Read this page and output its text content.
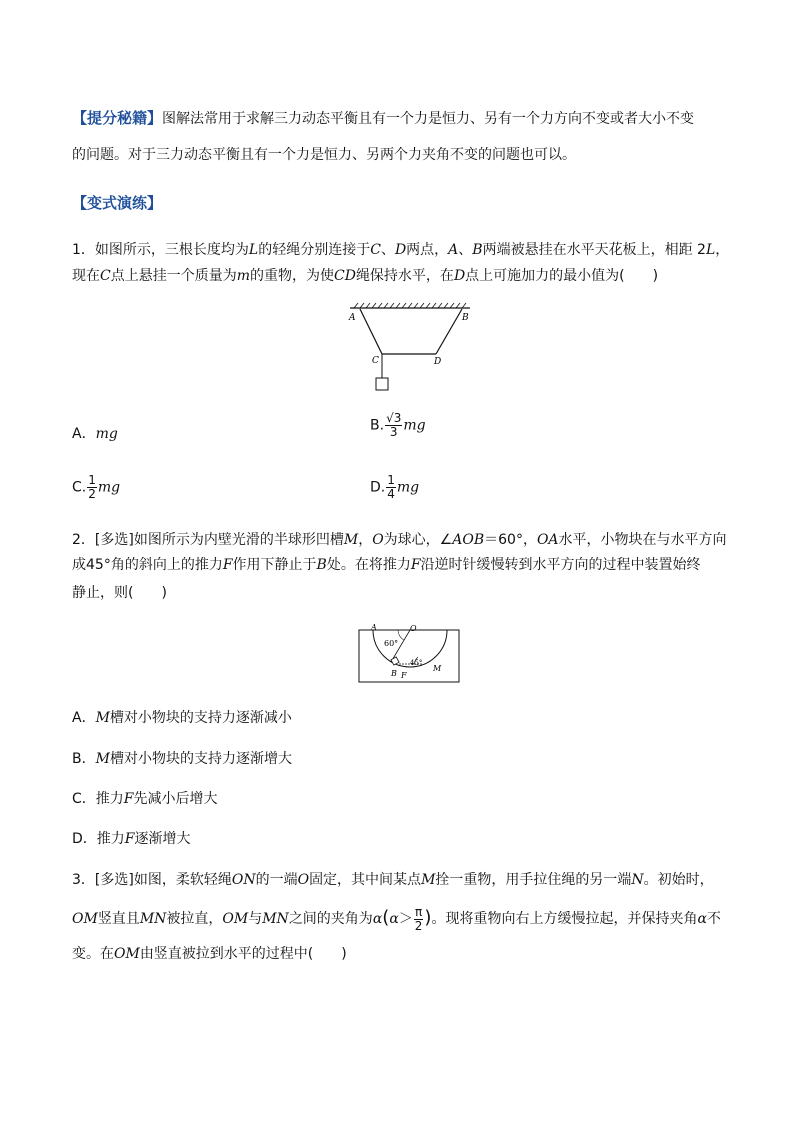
【提分秘籍】图解法常用于求解三力动态平衡且有一个力是恒力、另有一个力方向不变或者大小不变
的问题。对于三力动态平衡且有一个力是恒力、另两个力夹角不变的问题也可以。
【变式演练】
1．如图所示，三根长度均为L的轻绳分别连接于C、D两点，A、B两端被悬挂在水平天花板上，相距 2L，
现在C点上悬挂一个质量为m的重物，为使CD绳保持水平，在D点上可施加力的最小值为(　　)
A	B
C	D
A．mg
B. $\frac{√3}{3}$ mg
C. $\frac{1}{2}$ mg	D. $\frac{1}{4}$ mg
2．[多选]如图所示为内壁光滑的半球形凹槽M，O为球心，∠AOB＝60°，OA水平，小物块在与水平方向
成45°角的斜向上的推力F作用下静止于B处。在将推力F沿逆时针缓慢转到水平方向的过程中装置始终
静止，则(　　)
A	O
60°
45°
B F
M
A．M槽对小物块的支持力逐渐减小
B．M槽对小物块的支持力逐渐增大
C．推力F先减小后增大
D．推力F逐渐增大
3．[多选]如图，柔软轻绳ON的一端O固定，其中间某点M拴一重物，用手拉住绳的另一端N。初始时，
OM竖直且MN被拉直，OM与MN之间的夹角为$\alpha(\alpha> \frac{\pi}{2}$ )。现将重物向右上方缓慢拉起，并保持夹角α不
变。在OM由竖直被拉到水平的过程中(　　)
